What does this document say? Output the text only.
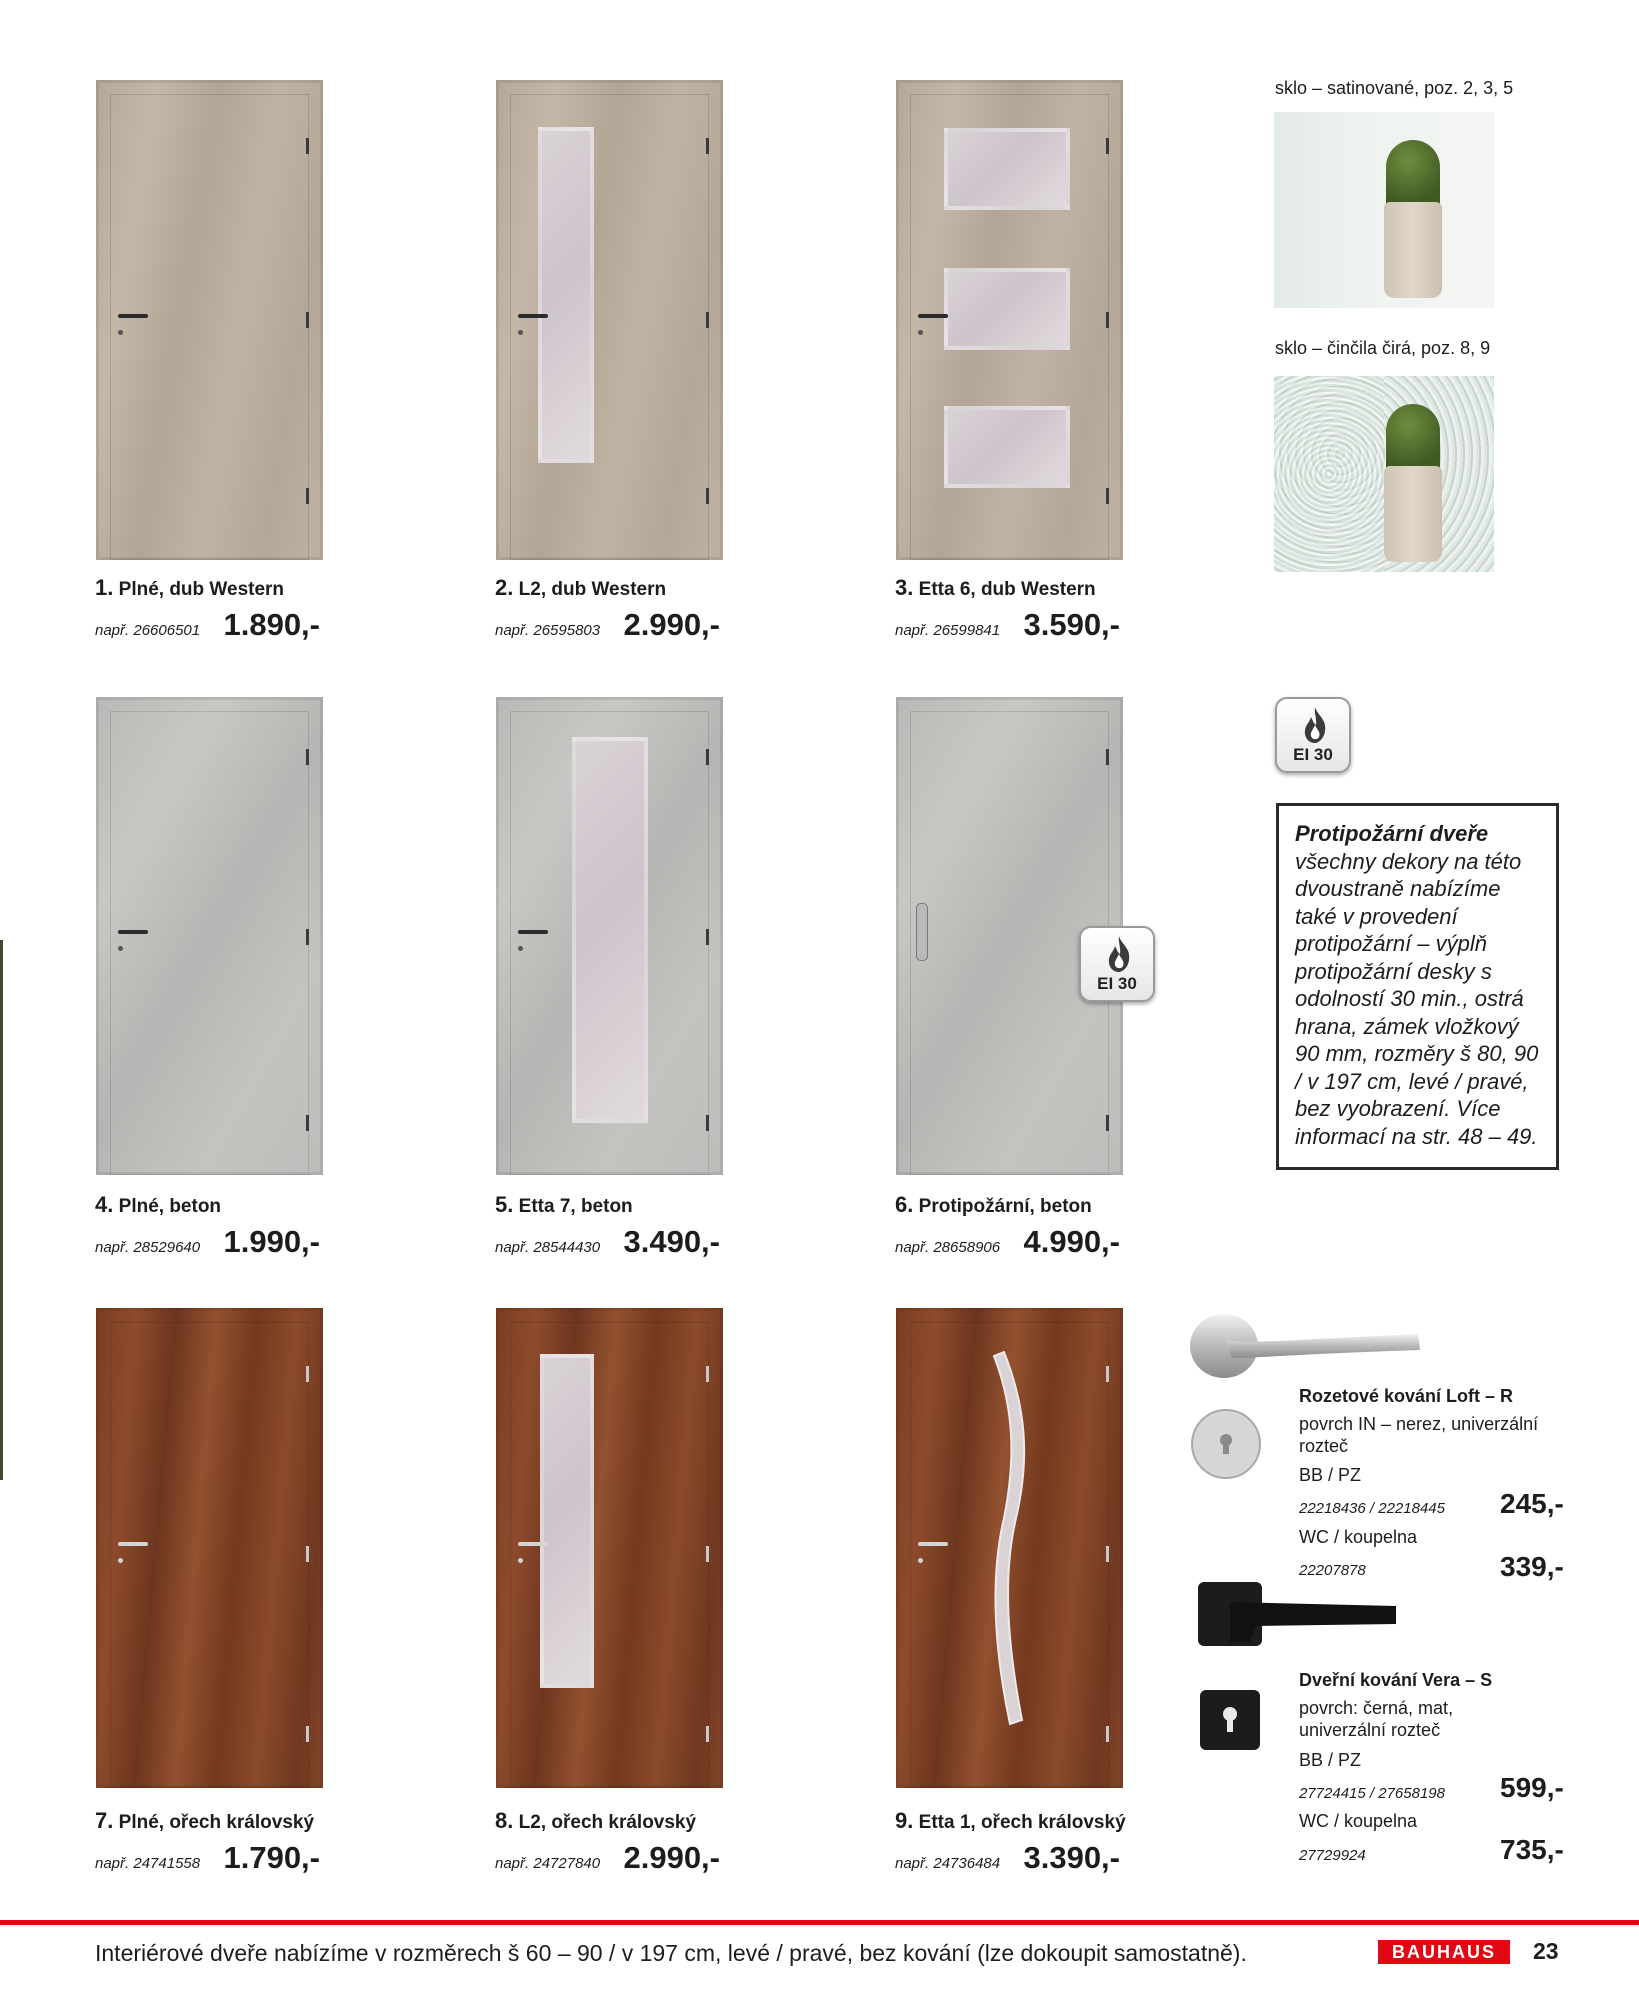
1. Plné, dub Western
např. 26606501 1.890,-
2. L2, dub Western
např. 26595803 2.990,-
3. Etta 6, dub Western
např. 26599841 3.590,-
sklo – satinované, poz. 2, 3, 5
sklo – činčila čirá, poz. 8, 9
EI 30
4. Plné, beton
např. 28529640 1.990,-
5. Etta 7, beton
např. 28544430 3.490,-
6. Protipožární, beton
např. 28658906 4.990,-
EI 30
Protipožární dveře
všechny dekory na této dvoustraně nabízíme také v provedení protipožární – výplň protipožární desky s odolností 30 min., ostrá hrana, zámek vložkový 90 mm, rozměry š 80, 90 / v 197 cm, levé / pravé, bez vyobrazení. Více informací na str. 48 – 49.
7. Plné, ořech královský
např. 24741558 1.790,-
8. L2, ořech královský
např. 24727840 2.990,-
9. Etta 1, ořech královský
např. 24736484 3.390,-
Rozetové kování Loft – R
povrch IN – nerez, univerzální rozteč
BB / PZ
22218436 / 22218445 245,-
WC / koupelna
22207878	339,-
Dveřní kování Vera – S
povrch: černá, mat, univerzální rozteč
BB / PZ
27724415 / 27658198 599,-
WC / koupelna
27729924	735,-
Interiérové dveře nabízíme v rozměrech š 60 – 90 / v 197 cm, levé / pravé, bez kování (lze dokoupit samostatně).	BAUHAUS	23
